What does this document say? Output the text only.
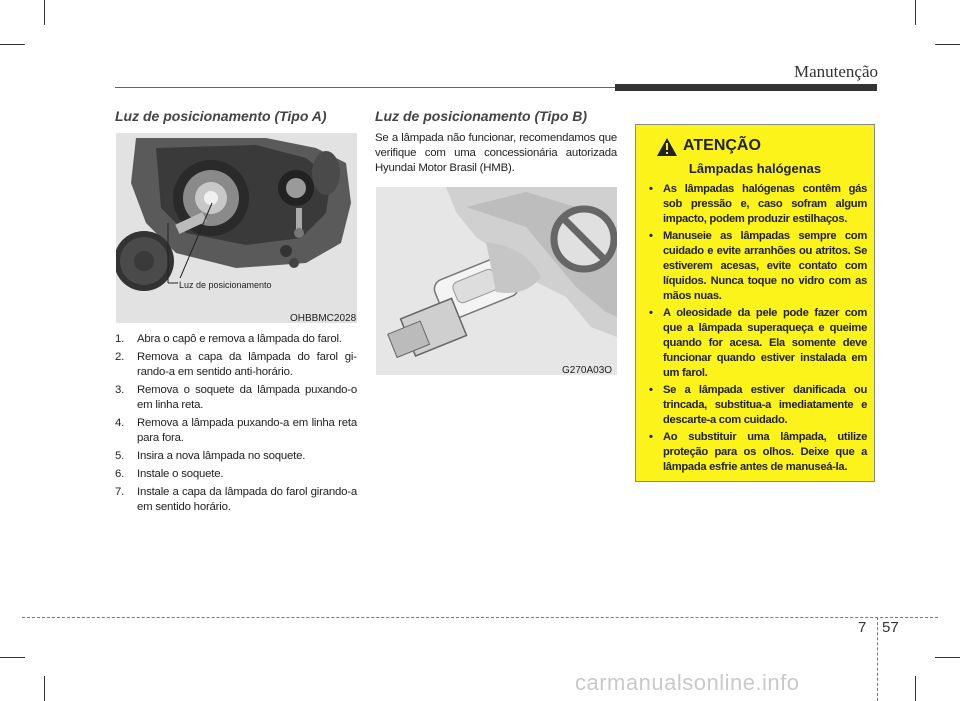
Manutenção
Luz de posicionamento (Tipo A)
Luz de posicionamento
OHBBMC2028
1. Abra o capô e remova a lâmpada do farol.
2. Remova a capa da lâmpada do farol girando-a em sentido anti-horário.
3. Remova o soquete da lâmpada puxando-o em linha reta.
4. Remova a lâmpada puxando-a em linha reta para fora.
5. Insira a nova lâmpada no soquete.
6. Instale o soquete.
7. Instale a capa da lâmpada do farol girando-a em sentido horário.
Luz de posicionamento (Tipo B)
Se a lâmpada não funcionar, recomendamos que verifique com uma concessionária autorizada Hyundai Motor Brasil (HMB).
G270A03O
ATENÇÃO
Lâmpadas halógenas
• As lâmpadas halógenas contêm gás sob pressão e, caso sofram algum impacto, podem produzir estilhaços.
• Manuseie as lâmpadas sempre com cuidado e evite arranhões ou atritos. Se estiverem acesas, evite contato com líquidos. Nunca toque no vidro com as mãos nuas.
• A oleosidade da pele pode fazer com que a lâmpada superaqueça e queime quando for acesa. Ela somente deve funcionar quando estiver instalada em um farol.
• Se a lâmpada estiver danificada ou trincada, substitua-a imediatamente e descarte-a com cuidado.
• Ao substituir uma lâmpada, utilize proteção para os olhos. Deixe que a lâmpada esfrie antes de manuseá-la.
7 57
carmanualsonline.info
